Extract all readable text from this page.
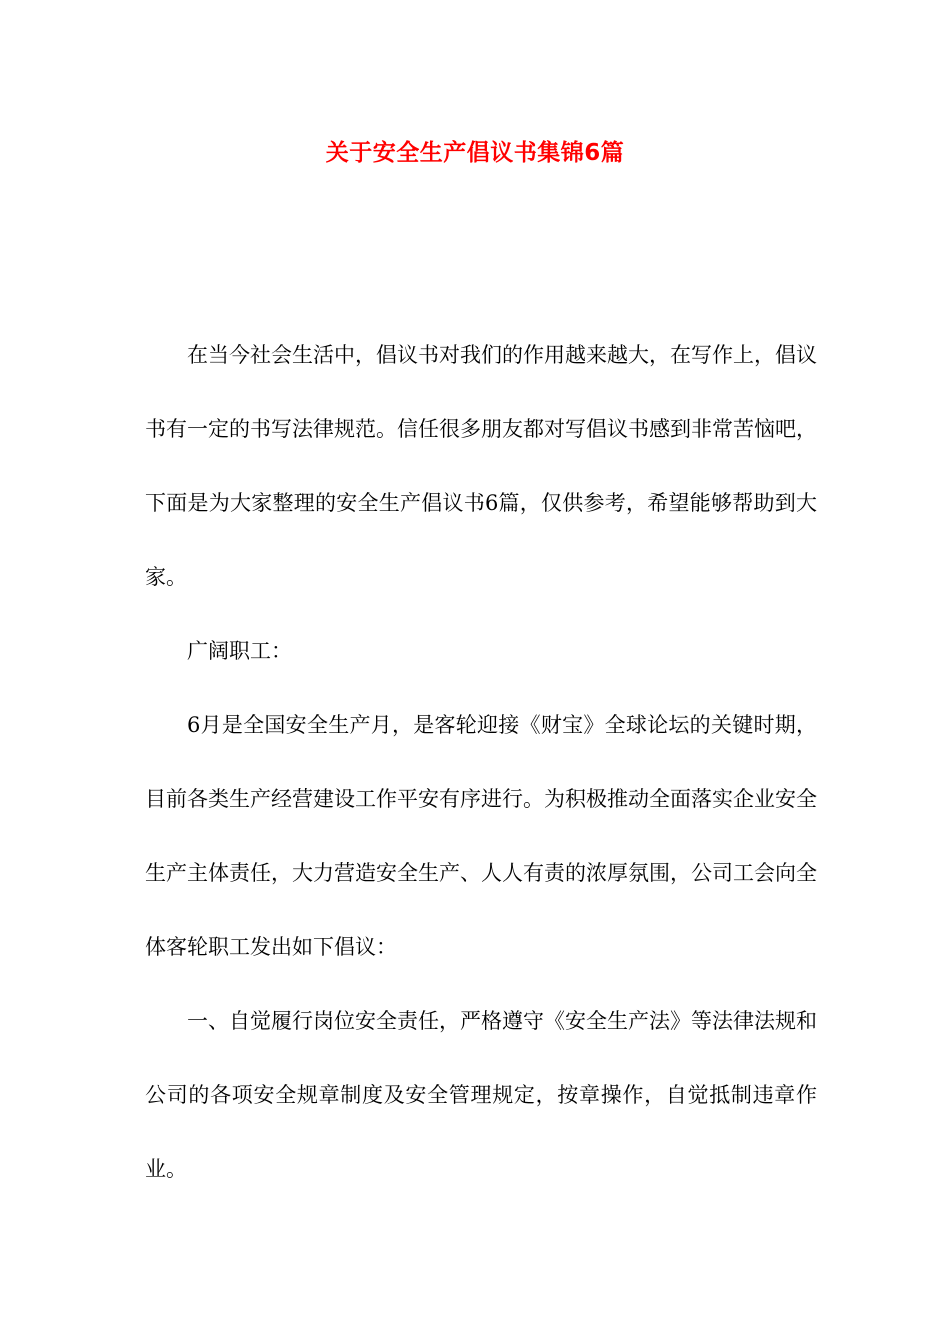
关于安全生产倡议书集锦6篇

在当今社会生活中，倡议书对我们的作用越来越大，在写作上，倡议书有一定的书写法律规范。信任很多朋友都对写倡议书感到非常苦恼吧，下面是为大家整理的安全生产倡议书6篇，仅供参考，希望能够帮助到大家。

广阔职工：

6月是全国安全生产月，是客轮迎接《财宝》全球论坛的关键时期，目前各类生产经营建设工作平安有序进行。为积极推动全面落实企业安全生产主体责任，大力营造安全生产、人人有责的浓厚氛围，公司工会向全体客轮职工发出如下倡议：

一、自觉履行岗位安全责任，严格遵守《安全生产法》等法律法规和公司的各项安全规章制度及安全管理规定，按章操作，自觉抵制违章作业。
